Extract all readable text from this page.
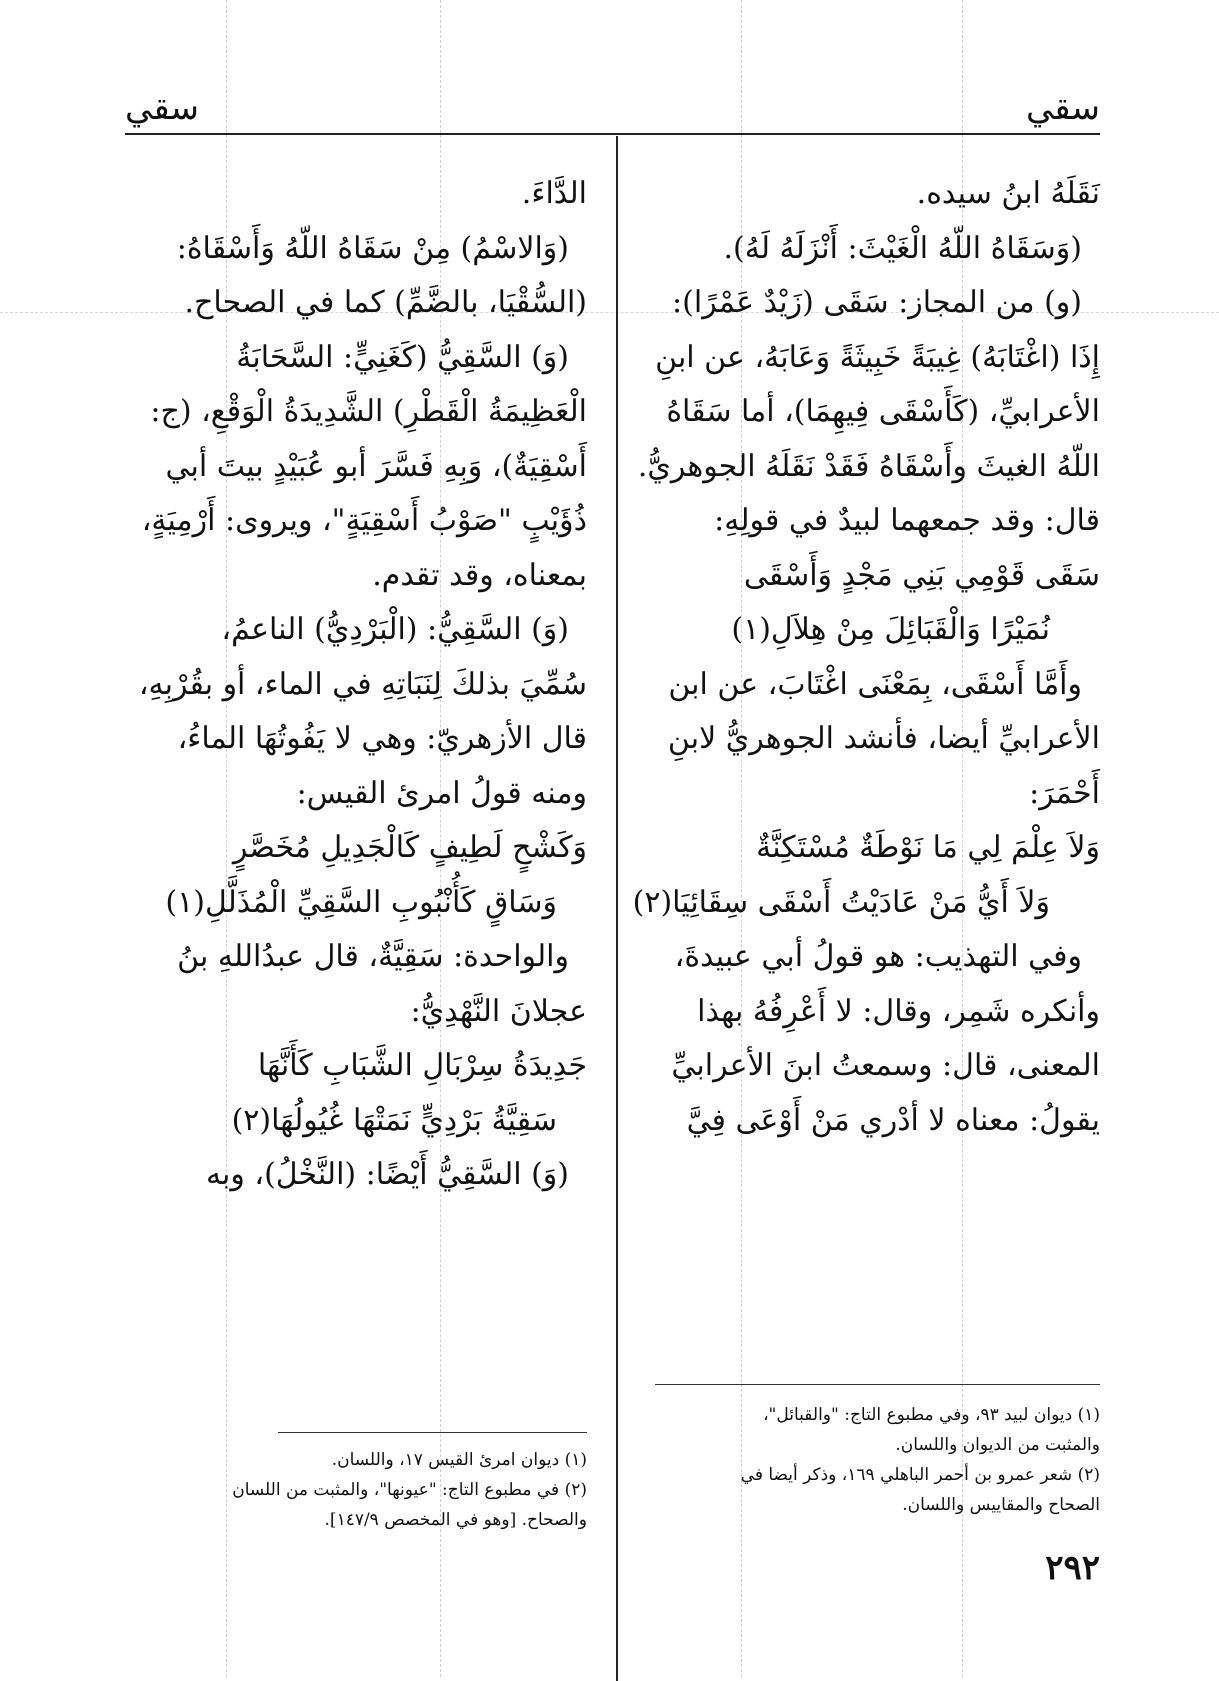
سقي
سقي
نَقَلَهُ ابنُ سيده.
(وَسَقَاهُ اللّهُ الْغَيْثَ: أَنْزَلَهُ لَهُ).
(و) من المجاز: سَقَى (زَيْدٌ عَمْرًا):
إِذَا (اغْتَابَهُ) غِيبَةً خَبِيثَةً وَعَابَهُ، عن ابنِ
الأعرابيِّ، (كَأَسْقَى فِيهِمَا)، أما سَقَاهُ
اللّهُ الغيثَ وأَسْقَاهُ فَقَدْ نَقَلَهُ الجوهريُّ.
قال: وقد جمعهما لبيدٌ في قولِهِ:
سَقَى قَوْمِي بَنِي مَجْدٍ وَأَسْقَى
نُمَيْرًا وَالْقَبَائِلَ مِنْ هِلاَلِ(١)
وأَمَّا أَسْقَى، بِمَعْنَى اغْتَابَ، عن ابن
الأعرابيِّ أيضا، فأنشد الجوهريُّ لابنِ
أَحْمَرَ:
وَلاَ عِلْمَ لِي مَا نَوْطَةٌ مُسْتَكِنَّةٌ
وَلاَ أَيُّ مَنْ عَادَيْتُ أَسْقَى سِقَائِيَا(٢)
وفي التهذيب: هو قولُ أبي عبيدةَ،
وأنكره شَمِر، وقال: لا أَعْرِفُهُ بهذا
المعنى، قال: وسمعتُ ابنَ الأعرابيِّ
يقولُ: معناه لا أدْري مَنْ أَوْعَى فِيَّ
(١) ديوان لبيد ٩٣، وفي مطبوع التاج: "والقبائل"،
والمثبت من الديوان واللسان.
(٢) شعر عمرو بن أحمر الباهلي ١٦٩، وذكر أيضا في
الصحاح والمقاييس واللسان.
الدَّاءَ.
(وَالاسْمُ) مِنْ سَقَاهُ اللّهُ وَأَسْقَاهُ:
(السُّقْيَا، بالضَّمِّ) كما في الصحاح.
(وَ) السَّقِيُّ (كَغَنِيٍّ: السَّحَابَةُ
الْعَظِيمَةُ الْقَطْرِ) الشَّدِيدَةُ الْوَقْعِ، (ج:
أَسْقِيَةٌ)، وَبِهِ فَسَّرَ أبو عُبَيْدٍ بيتَ أبي
ذُؤَيْبٍ "صَوْبُ أَسْقِيَةٍ"، ويروى: أَرْمِيَةٍ،
بمعناه، وقد تقدم.
(وَ) السَّقِيُّ: (الْبَرْدِيُّ) الناعمُ،
سُمِّيَ بذلكَ لِنَبَاتِهِ في الماء، أو بقُرْبِهِ،
قال الأزهريّ: وهي لا يَفُوتُهَا الماءُ،
ومنه قولُ امرئ القيس:
وَكَشْحٍ لَطِيفٍ كَالْجَدِيلِ مُخَصَّرٍ
وَسَاقٍ كَأُنْبُوبِ السَّقِيِّ الْمُذَلَّلِ(١)
والواحدة: سَقِيَّةٌ، قال عبدُاللهِ بنُ
عجلانَ النَّهْدِيُّ:
جَدِيدَةُ سِرْبَالِ الشَّبَابِ كَأَنَّهَا
سَقِيَّةُ بَرْدِيٍّ نَمَتْهَا غُيُولُهَا(٢)
(وَ) السَّقِيُّ أَيْضًا: (النَّخْلُ)، وبه
(١) ديوان امرئ القيس ١٧، واللسان.
(٢) في مطبوع التاج: "عيونها"، والمثبت من اللسان
والصحاح. [وهو في المخصص ١٤٧/٩].
٢٩٢
